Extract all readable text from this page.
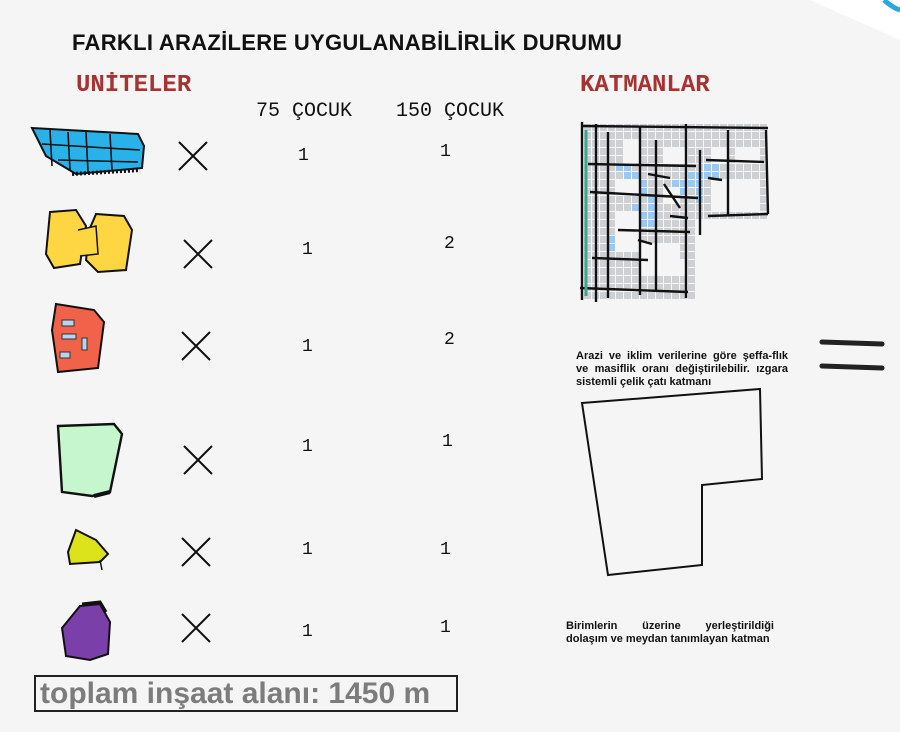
FARKLI ARAZİLERE UYGULANABİLİRLİK DURUMU
UNİTELER	KATMANLAR
75 ÇOCUK 150 ÇOCUK
1	1
1	2
1	2
1	1
1	1
1	1
Arazi ve iklim verilerine göre şeffa-flık ve masiflik oranı değiştirilebilir. ızgara sistemli çelik çatı katmanı
Birimlerin üzerine yerleştirildiği dolaşım ve meydan tanımlayan katman
toplam inşaat alanı: 1450 m
